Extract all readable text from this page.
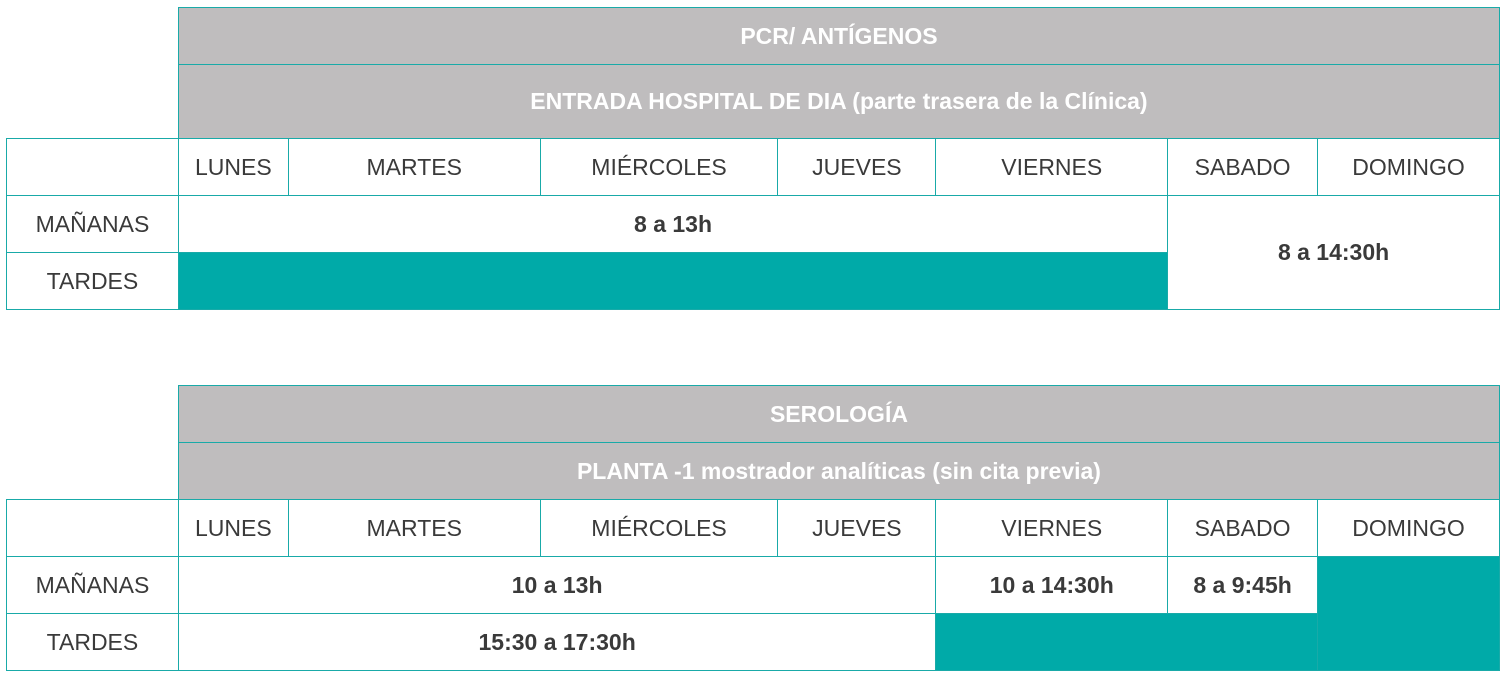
	PCR/ ANTÍGENOS						
	ENTRADA HOSPITAL DE DIA (parte trasera de la Clínica)						
	LUNES	MARTES	MIÉRCOLES	JUEVES	VIERNES	SABADO	DOMINGO
MAÑANAS	8 a 13h					8 a 14:30h	
TARDES							
	SEROLOGÍA						
	PLANTA -1 mostrador analíticas (sin cita previa)						
	LUNES	MARTES	MIÉRCOLES	JUEVES	VIERNES	SABADO	DOMINGO
MAÑANAS	10 a 13h				10 a 14:30h	8 a 9:45h	
TARDES	15:30 a 17:30h						
